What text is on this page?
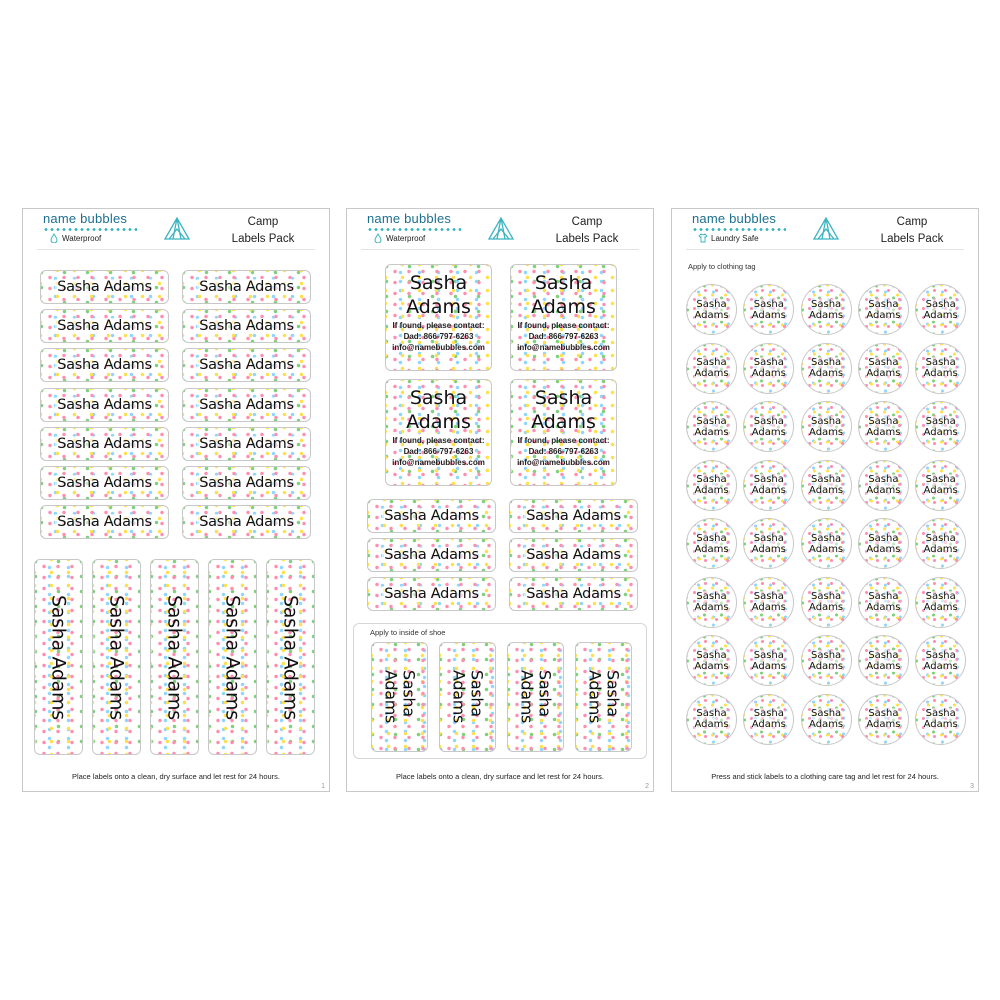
name bubbles
Waterproof
Camp
Labels Pack
Sasha Adams	Sasha Adams
Sasha Adams	Sasha Adams
Sasha Adams	Sasha Adams
Sasha Adams	Sasha Adams
Sasha Adams	Sasha Adams
Sasha Adams	Sasha Adams
Sasha Adams	Sasha Adams
Sasha Adams Sasha Adams Sasha Adams Sasha Adams Sasha Adams
Place labels onto a clean, dry surface and let rest for 24 hours.
1
name bubbles
Waterproof
Camp
Labels Pack
Sasha
Adams
If found, please contact:
Dad: 866-797-6263
info@namebubbles.com
Sasha
Adams
If found, please contact:
Dad: 866-797-6263
info@namebubbles.com
Sasha
Adams
If found, please contact:
Dad: 866-797-6263
info@namebubbles.com
Sasha
Adams
If found, please contact:
Dad: 866-797-6263
info@namebubbles.com
Sasha Adams	Sasha Adams
Sasha Adams	Sasha Adams
Sasha Adams	Sasha Adams
Apply to inside of shoe
Sasha
Adams	Sasha
Adams	Sasha
Adams	Sasha
Adams
Place labels onto a clean, dry surface and let rest for 24 hours.
2
name bubbles
Laundry Safe
Camp
Labels Pack
Apply to clothing tag
Sasha
Adams
Sasha
Adams
Sasha
Adams
Sasha
Adams
Sasha
Adams
Sasha
Adams
Sasha
Adams
Sasha
Adams
Sasha
Adams
Sasha
Adams
Sasha
Adams
Sasha
Adams
Sasha
Adams
Sasha
Adams
Sasha
Adams
Sasha
Adams
Sasha
Adams
Sasha
Adams
Sasha
Adams
Sasha
Adams
Sasha
Adams
Sasha
Adams
Sasha
Adams
Sasha
Adams
Sasha
Adams
Sasha
Adams
Sasha
Adams
Sasha
Adams
Sasha
Adams
Sasha
Adams
Sasha
Adams
Sasha
Adams
Sasha
Adams
Sasha
Adams
Sasha
Adams
Sasha
Adams
Sasha
Adams
Sasha
Adams
Sasha
Adams
Sasha
Adams
Press and stick labels to a clothing care tag and let rest for 24 hours.
3
